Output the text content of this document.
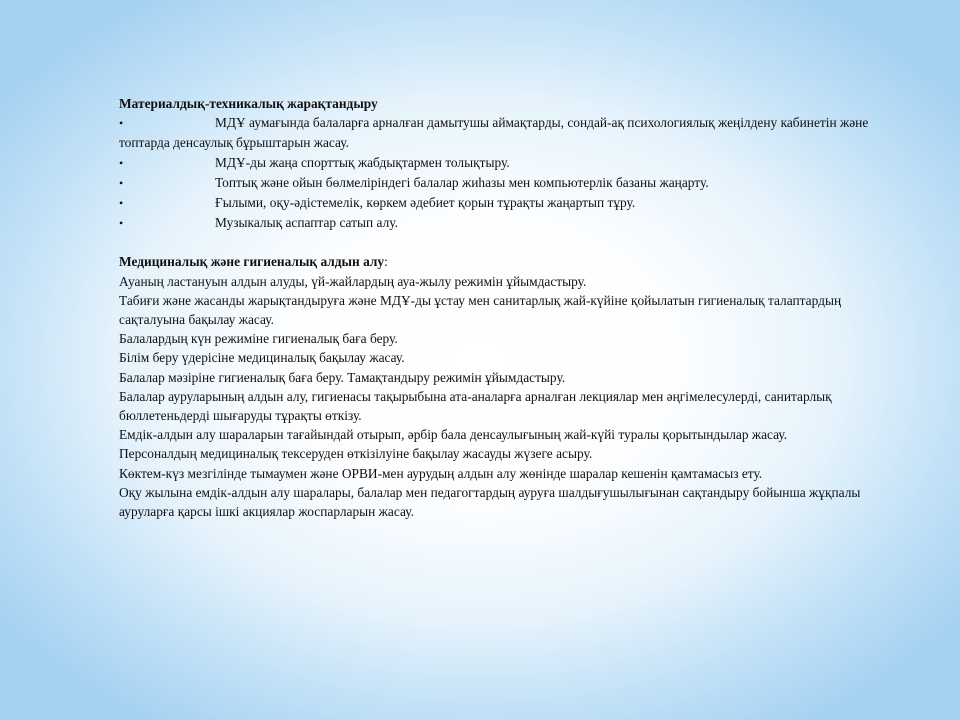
Материалдық-техникалық жарақтандыру

•	МДҰ аумағында балаларға арналған дамытушы аймақтарды, сондай-ақ психологиялық жеңілдену кабинетін және топтарда денсаулық бұрыштарын жасау.
•	МДҰ-ды жаңа спорттық жабдықтармен толықтыру.
•	Топтық және ойын бөлмеліріндегі балалар жиһазы мен компьютерлік базаны жаңарту.
•	Ғылыми, оқу-әдістемелік, көркем әдебиет қорын тұрақты жаңартып тұру.
•	Музыкалық аспаптар сатып алу.

Медициналық және гигиеналық алдын алу:

Ауаның ластануын алдын алуды, үй-жайлардың ауа-жылу режимін ұйымдастыру.

Табиғи және жасанды жарықтандыруға және МДҰ-ды ұстау мен санитарлық жай-күйіне қойылатын гигиеналық талаптардың сақталуына бақылау жасау.

Балалардың күн режиміне гигиеналық баға беру.

Білім беру үдерісіне медициналық бақылау жасау.

Балалар мәзіріне гигиеналық баға беру. Тамақтандыру режимін ұйымдастыру.

Балалар ауруларының алдын алу, гигиенасы тақырыбына ата-аналарға арналған лекциялар мен әңгімелесулерді, санитарлық бюллетеньдерді шығаруды тұрақты өткізу.

Емдік-алдын алу шараларын тағайындай отырып, әрбір бала денсаулығының жай-күйі туралы қорытындылар жасау.

Персоналдың медициналық тексеруден өткізілуіне бақылау жасауды жүзеге асыру.

Көктем-күз мезгілінде тымаумен және ОРВИ-мен аурудың алдын алу жөнінде шаралар кешенін қамтамасыз ету.

Оқу жылына емдік-алдын алу шаралары, балалар мен педагогтардың ауруға шалдығушылығынан сақтандыру бойынша жұқпалы ауруларға қарсы ішкі акциялар жоспарларын жасау.
